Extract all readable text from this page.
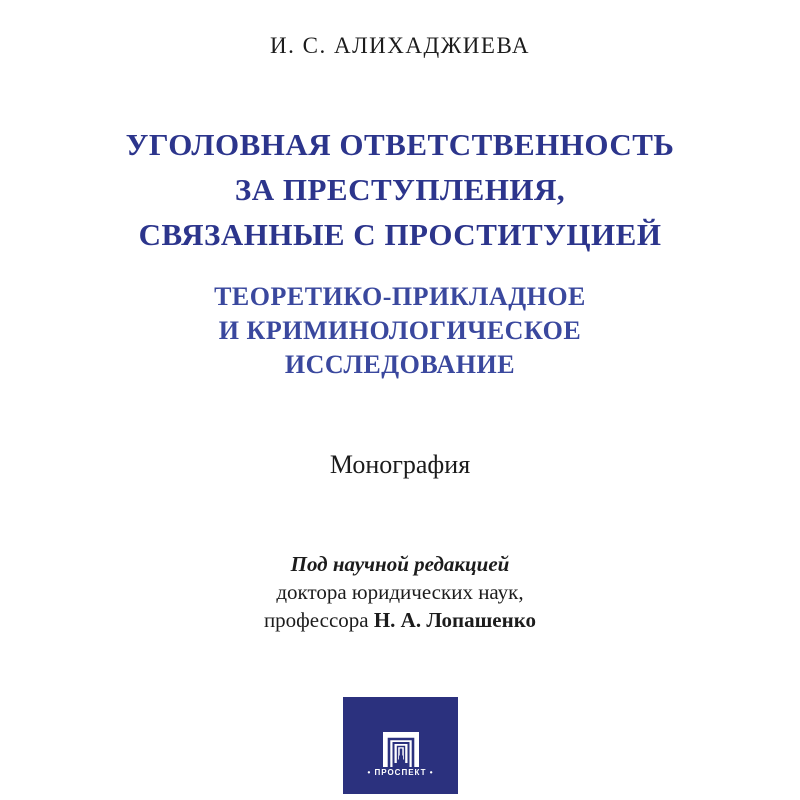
И. С. АЛИХАДЖИЕВА
УГОЛОВНАЯ ОТВЕТСТВЕННОСТЬ
ЗА ПРЕСТУПЛЕНИЯ,
СВЯЗАННЫЕ С ПРОСТИТУЦИЕЙ
ТЕОРЕТИКО-ПРИКЛАДНОЕ
И КРИМИНОЛОГИЧЕСКОЕ
ИССЛЕДОВАНИЕ
Монография
Под научной редакцией
доктора юридических наук,
профессора Н. А. Лопашенко
• ПРОСПЕКТ •
